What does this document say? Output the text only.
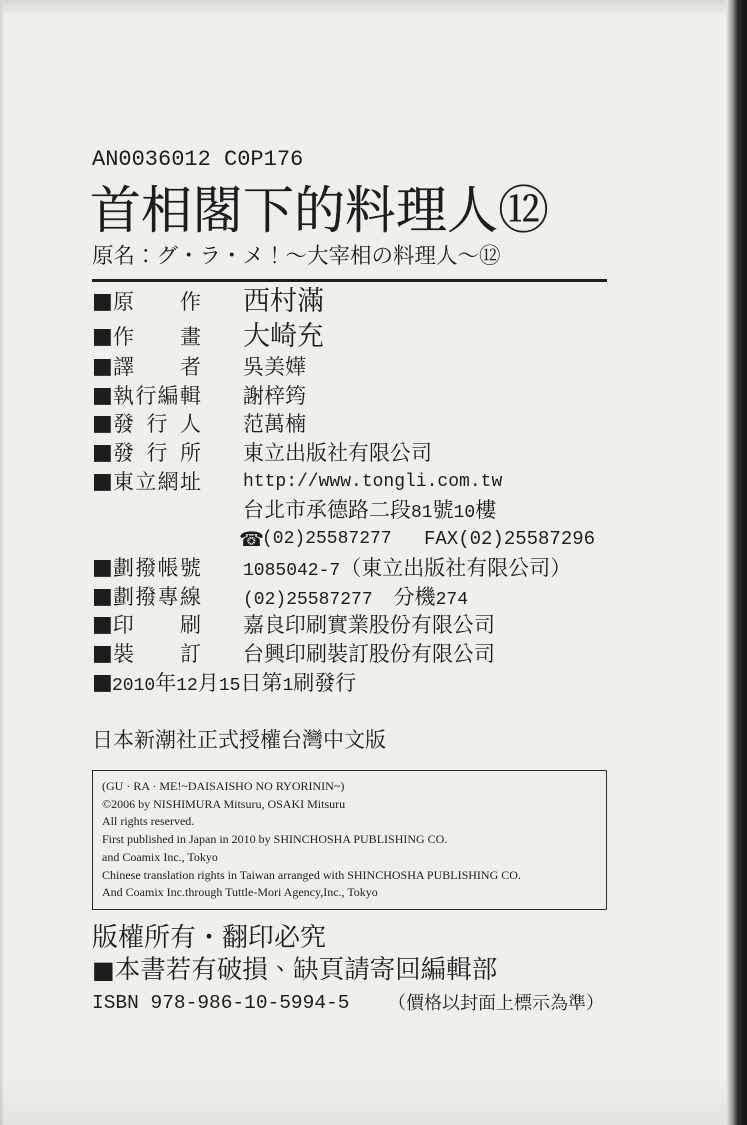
AN0036012 C0P176
首相閣下的料理人⑫
原名：グ・ラ・メ！～大宰相の料理人～⑫
■ 原 作 西村滿
■ 作 畫 大崎充
■ 譯 者 吳美嬅
■ 執 行 編 輯 謝梓筠
■ 發 行 人 范萬楠
■ 發 行 所 東立出版社有限公司
■ 東 立 網 址 http://www.tongli.com.tw
台北市承德路二段81號10樓
☎
(02)25587277 FAX(02)25587296
■ 劃 撥 帳 號 1085042-7（東立出版社有限公司）
■ 劃 撥 專 線 (02)25587277　分機274
■ 印 刷 嘉良印刷實業股份有限公司
■ 裝 訂 台興印刷裝訂股份有限公司
■ 2010年12月15日第1刷發行
日本新潮社正式授權台灣中文版
(GU · RA · ME!~DAISAISHO NO RYORININ~)
©2006 by NISHIMURA Mitsuru, OSAKI Mitsuru
All rights reserved.
First published in Japan in 2010 by SHINCHOSHA PUBLISHING CO.
and Coamix Inc., Tokyo
Chinese translation rights in Taiwan arranged with SHINCHOSHA PUBLISHING CO.
And Coamix Inc.through Tuttle-Mori Agency,Inc., Tokyo
版權所有・翻印必究
■本書若有破損、缺頁請寄回編輯部
ISBN 978-986-10-5994-5 （價格以封面上標示為準）
